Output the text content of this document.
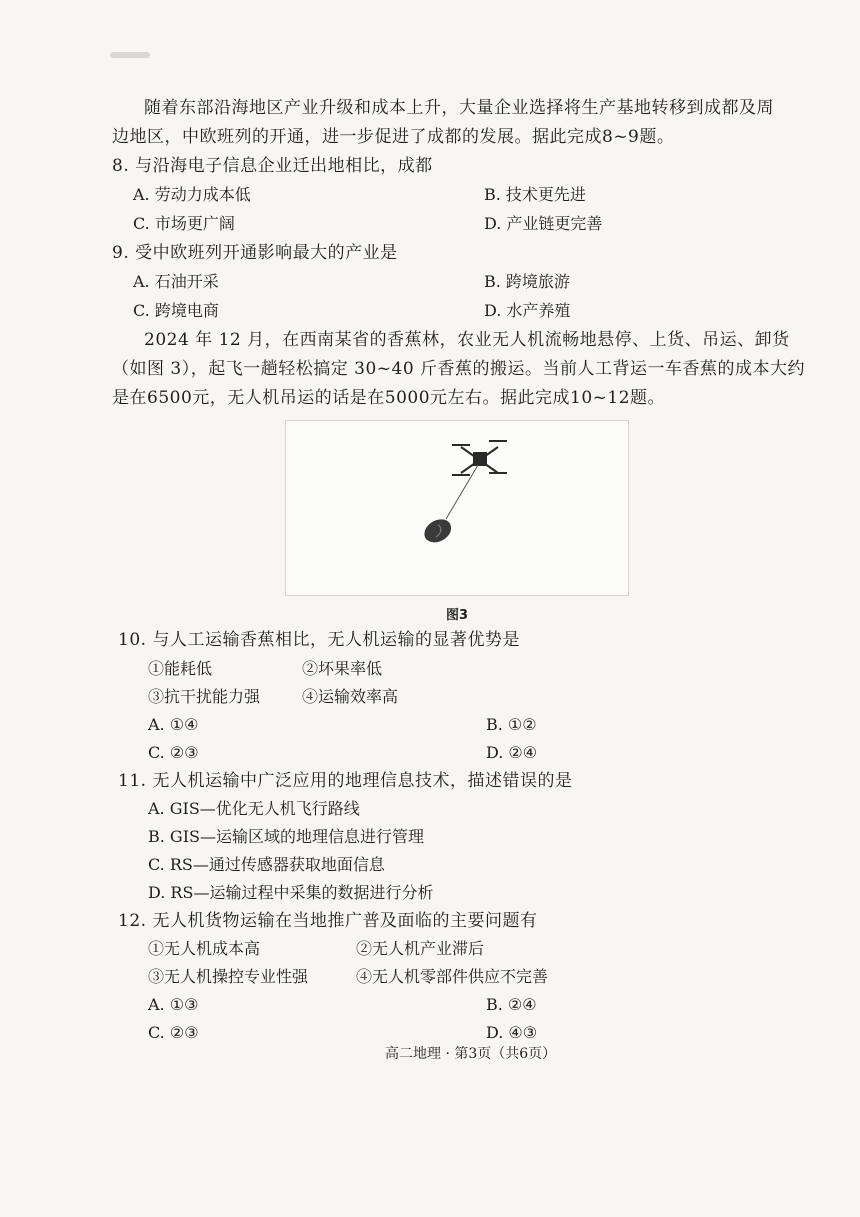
随着东部沿海地区产业升级和成本上升，大量企业选择将生产基地转移到成都及周
边地区，中欧班列的开通，进一步促进了成都的发展。据此完成8~9题。
8. 与沿海电子信息企业迁出地相比，成都
A. 劳动力成本低	B. 技术更先进
C. 市场更广阔	D. 产业链更完善
9. 受中欧班列开通影响最大的产业是
A. 石油开采	B. 跨境旅游
C. 跨境电商	D. 水产养殖
2024 年 12 月，在西南某省的香蕉林，农业无人机流畅地悬停、上货、吊运、卸货
（如图 3），起飞一趟轻松搞定 30~40 斤香蕉的搬运。当前人工背运一车香蕉的成本大约
是在6500元，无人机吊运的话是在5000元左右。据此完成10~12题。
图3
10. 与人工运输香蕉相比，无人机运输的显著优势是
①能耗低	②坏果率低
③抗干扰能力强	④运输效率高
A. ①④	B. ①②
C. ②③	D. ②④
11. 无人机运输中广泛应用的地理信息技术，描述错误的是
A. GIS—优化无人机飞行路线
B. GIS—运输区域的地理信息进行管理
C. RS—通过传感器获取地面信息
D. RS—运输过程中采集的数据进行分析
12. 无人机货物运输在当地推广普及面临的主要问题有
①无人机成本高	②无人机产业滞后
③无人机操控专业性强	④无人机零部件供应不完善
A. ①③	B. ②④
C. ②③	D. ④③
高二地理 · 第3页（共6页）
